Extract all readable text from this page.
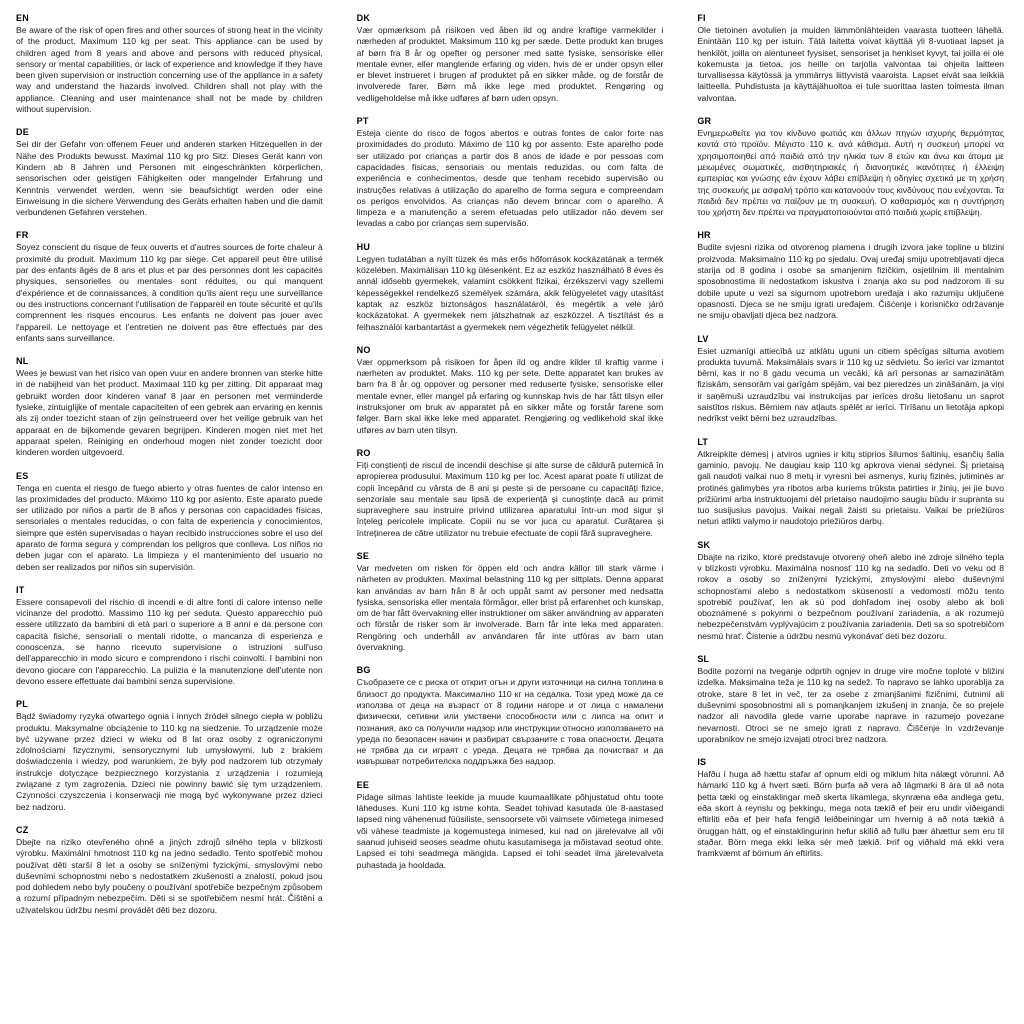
EN

Be aware of the risk of open fires and other sources of strong heat in the vicinity of the product. Maximum 110 kg per seat. This appliance can be used by children aged from 8 years and above and persons with reduced physical, sensory or mental capabilities, or lack of experience and knowledge if they have been given supervision or instruction concerning use of the appliance in a safety way and understand the hazards involved. Children shall not play with the appliance. Cleaning and user maintenance shall not be made by children without supervision.

DE

Sei dir der Gefahr von offenem Feuer und anderen starken Hitzequellen in der Nähe des Produkts bewusst. Maximal 110 kg pro Sitz. Dieses Gerät kann von Kindern ab 8 Jahren und Personen mit eingeschränkten körperlichen, sensorischen oder geistigen Fähigkeiten oder mangelnder Erfahrung und Kenntnis verwendet werden, wenn sie beaufsichtigt werden oder eine Einweisung in die sichere Verwendung des Geräts erhalten haben und die damit verbundenen Gefahren verstehen.

FR

Soyez conscient du risque de feux ouverts et d'autres sources de forte chaleur à proximité du produit. Maximum 110 kg par siège. Cet appareil peut être utilisé par des enfants âgés de 8 ans et plus et par des personnes dont les capacités physiques, sensorielles ou mentales sont réduites, ou qui manquent d'expérience et de connaissances, à condition qu'ils aient reçu une surveillance ou des instructions concernant l'utilisation de l'appareil en toute sécurité et qu'ils comprennent les risques encourus. Les enfants ne doivent pas jouer avec l'appareil. Le nettoyage et l'entretien ne doivent pas être effectués par des enfants sans surveillance.

NL

Wees je bewust van het risico van open vuur en andere bronnen van sterke hitte in de nabijheid van het product. Maximaal 110 kg per zitting. Dit apparaat mag gebruikt worden door kinderen vanaf 8 jaar en personen met verminderde fysieke, zintuiglijke of mentale capaciteiten of een gebrek aan ervaring en kennis als zij onder toezicht staan of zijn geïnstrueerd over het veilige gebruik van het apparaat en de bijkomende gevaren begrijpen. Kinderen mogen niet met het apparaat spelen. Reiniging en onderhoud mogen niet zonder toezicht door kinderen worden uitgevoerd.

ES

Tenga en cuenta el riesgo de fuego abierto y otras fuentes de calor intenso en las proximidades del producto. Máximo 110 kg por asiento. Este aparato puede ser utilizado por niños a partir de 8 años y personas con capacidades físicas, sensoriales o mentales reducidas, o con falta de experiencia y conocimientos, siempre que estén supervisadas o hayan recibido instrucciones sobre el uso del aparato de forma segura y comprendan los peligros que conlleva. Los niños no deben jugar con el aparato. La limpieza y el mantenimiento del usuario no deben ser realizados por niños sin supervisión.

IT

Essere consapevoli del rischio di incendi e di altre fonti di calore intenso nelle vicinanze del prodotto. Massimo 110 kg per seduta. Questo apparecchio può essere utilizzato da bambini di età pari o superiore a 8 anni e da persone con capacità fisiche, sensoriali o mentali ridotte, o mancanza di esperienza e conoscenza, se hanno ricevuto supervisione o istruzioni sull'uso dell'apparecchio in modo sicuro e comprendono i rischi coinvolti. I bambini non devono giocare con l'apparecchio. La pulizia e la manutenzione dell'utente non devono essere effettuate dai bambini senza supervisione.

PL

Bądź świadomy ryzyka otwartego ognia i innych źródeł silnego ciepła w pobliżu produktu. Maksymalne obciążenie to 110 kg na siedzenie. To urządzenie może być używane przez dzieci w wieku od 8 lat oraz osoby z ograniczonymi zdolnościami fizycznymi, sensorycznymi lub umysłowymi, lub z brakiem doświadczenia i wiedzy, pod warunkiem, że były pod nadzorem lub otrzymały instrukcje dotyczące bezpiecznego korzystania z urządzenia i rozumieją związane z tym zagrożenia. Dzieci nie powinny bawić się tym urządzeniem. Czynności czyszczenia i konserwacji nie mogą być wykonywane przez dzieci bez nadzoru.

CZ

Dbejte na riziko otevřeného ohně a jiných zdrojů silného tepla v blízkosti výrobku. Maximální hmotnost 110 kg na jedno sedadlo. Tento spotřebič mohou používat děti starší 8 let a osoby se sníženými fyzickými, smyslovými nebo duševními schopnostmi nebo s nedostatkem zkušeností a znalostí, pokud jsou pod dohledem nebo byly poučeny o používání spotřebiče bezpečným způsobem a rozumí případným nebezpečím. Děti si se spotřebičem nesmí hrát. Čištění a uživatelskou údržbu nesmí provádět děti bez dozoru.

DK

Vær opmærksom på risikoen ved åben ild og andre kraftige varmekilder i nærheden af produktet. Maksimum 110 kg per sæde. Dette produkt kan bruges af børn fra 8 år og opefter og personer med satte fysiske, sensoriske eller mentale evner, eller manglende erfaring og viden, hvis de er under opsyn eller er blevet instrueret i brugen af produktet på en sikker måde, og de forstår de involverede farer. Børn må ikke lege med produktet. Rengøring og vedligeholdelse må ikke udføres af børn uden opsyn.

PT

Esteja ciente do risco de fogos abertos e outras fontes de calor forte nas proximidades do produto. Máximo de 110 kg por assento. Este aparelho pode ser utilizado por crianças a partir dos 8 anos de idade e por pessoas com capacidades físicas, sensoriais ou mentais reduzidas, ou com falta de experiência e conhecimentos, desde que tenham recebido supervisão ou instruções relativas à utilização do aparelho de forma segura e compreendam os perigos envolvidos. As crianças não devem brincar com o aparelho. A limpeza e a manutenção a serem efetuadas pelo utilizador não devem ser levadas a cabo por crianças sem supervisão.

HU

Legyen tudatában a nyílt tüzek és más erős hőforrások kockázatának a termék közelében. Maximálisan 110 kg ülésenként. Ez az eszköz használható 8 éves és annál idősebb gyermekek, valamint csökkent fizikai, érzékszervi vagy szellemi képességekkel rendelkező személyek számára, akik felügyeletet vagy utasítást kaptak az eszköz biztonságos használatáról, és megértik a vele járó kockázatokat. A gyermekek nem játszhatnak az eszközzel. A tisztítást és a felhasználói karbantartást a gyermekek nem végezhetik felügyelet nélkül.

NO

Vær oppmerksom på risikoen for åpen ild og andre kilder til kraftig varme i nærheten av produktet. Maks. 110 kg per sete. Dette apparatet kan brukes av barn fra 8 år og oppover og personer med reduserte fysiske, sensoriske eller mentale evner, eller mangel på erfaring og kunnskap hvis de har fått tilsyn eller instruksjoner om bruk av apparatet på en sikker måte og forstår farene som følger. Barn skal ikke leke med apparatet. Rengjøring og vedlikehold skal ikke utføres av barn uten tilsyn.

RO

Fiți conștienți de riscul de incendii deschise și alte surse de căldură puternică în apropierea produsului. Maximum 110 kg per loc. Acest aparat poate fi utilizat de copii începând cu vârsta de 8 ani și peste și de persoane cu capacități fizice, senzoriale sau mentale sau lipsă de experiență și cunoștințe dacă au primit supraveghere sau instruire privind utilizarea aparatului într-un mod sigur și înțeleg pericolele implicate. Copiii nu se vor juca cu aparatul. Curățarea și întreținerea de către utilizator nu trebuie efectuate de copii fără supraveghere.

SE

Var medveten om risken för öppen eld och andra källor till stark värme i närheten av produkten. Maximal belastning 110 kg per sittplats. Denna apparat kan användas av barn från 8 år och uppåt samt av personer med nedsatta fysiska, sensoriska eller mentala förmågor, eller brist på erfarenhet och kunskap, om de har fått övervakning eller instruktioner om säker användning av apparaten och förstår de risker som är involverade. Barn får inte leka med apparaten. Rengöring och underhåll av användaren får inte utföras av barn utan övervakning.

BG

Съобразете се с риска от открит огън и други източници на силна топлина в близост до продукта. Максимално 110 кг на седалка. Този уред може да се използва от деца на възраст от 8 години нагоре и от лица с намалени физически, сетивни или умствени способности или с липса на опит и познания, ако са получили надзор или инструкции относно използването на уреда по безопасен начин и разбират свързаните с това опасности. Децата не трябва да си играят с уреда. Децата не трябва да почистват и да извършват потребителска поддръжка без надзор.

EE

Pidage silmas lahtiste leekide ja muude kuumaallikate põhjustatud ohtu toote läheduses. Kuni 110 kg istme kohta. Seadet tohivad kasutada üle 8-aastased lapsed ning vähenenud füüsiliste, sensoorsete või vaimsete võimetega inimesed või vähese teadmiste ja kogemustega inimesed, kui nad on järelevalve all või saanud juhiseid seoses seadme ohutu kasutamisega ja mõistavad seotud ohte. Lapsed ei tohi seadmega mängida. Lapsed ei tohi seadet ilma järelevalveta puhastada ja hooldada.

FI

Ole tietoinen avotulien ja muiden lämmönlähteiden vaarasta tuotteen lähellä. Enintään 110 kg per istuin. Tätä laitetta voivat käyttää yli 8-vuotiaat lapset ja henkilöt, joilla on alentuneet fyysiset, sensoriset ja henkiset kyvyt, tai joilla ei ole kokemusta ja tietoa, jos heille on tarjolla valvontaa tai ohjeita laitteen turvallisessa käytössä ja ymmärrys liittyvistä vaaroista. Lapset eivät saa leikkiä laitteella. Puhdistusta ja käyttäjähuoltoa ei tule suorittaa lasten toimesta ilman valvontaa.

GR

Ενημερωθείτε για τον κίνδυνο φωτιάς και άλλων πηγών ισχυρής θερμότητας κοντά στο προϊόν. Μέγιστο 110 κ. ανά κάθισμα. Αυτή η συσκευή μπορεί να χρησιμοποιηθεί από παιδιά από την ηλικία των 8 ετών και άνω και άτομα με μειωμένες σωματικές, αισθητηριακές ή διανοητικές ικανότητες ή έλλειψη εμπειρίας και γνώσης εάν έχουν λάβει επίβλεψη ή οδηγίες σχετικά με τη χρήση της συσκευής με ασφαλή τρόπο και κατανοούν τους κινδύνους που ενέχονται. Τα παιδιά δεν πρέπει να παίζουν με τη συσκευή. Ο καθαρισμός και η συντήρηση του χρήστη δεν πρέπει να πραγματοποιούνται από παιδιά χωρίς επίβλεψη.

HR

Budite svjesni rizika od otvorenog plamena i drugih izvora jake topline u blizini proizvoda. Maksimalno 110 kg po sjedalu. Ovaj uređaj smiju upotrebljavati djeca starija od 8 godina i osobe sa smanjenim fizičkim, osjetilnim ili mentalnim sposobnostima ili nedostatkom iskustva i znanja ako su pod nadzorom ili su dobile upute u vezi sa sigurnom upotrebom uređaja i ako razumiju uključene opasnosti. Djeca se ne smiju igrati uređajem. Čišćenje i korisničko održavanje ne smiju obavljati djeca bez nadzora.

LV

Esiet uzmanīgi attiecībā uz atklātu uguni un citiem spēcīgas siltuma avotiem produkta tuvumā. Maksimālais svars ir 110 kg uz sēdvietu. Šo ierīci var izmantot bērni, kas ir no 8 gadu vecuma un vecāki, kā arī personas ar samazinātām fiziskām, sensorām vai garīgām spējām, vai bez pieredzes un zināšanām, ja viņi ir saņēmuši uzraudzību vai instrukcijas par ierīces drošu lietošanu un saprot saistītos riskus. Bērniem nav atļauts spēlēt ar ierīci. Tīrīšanu un lietotāja apkopi nedrīkst veikt bērni bez uzraudzības.

LT

Atkreipkite dėmesį į atviros ugnies ir kitų stiprios šilumos šaltinių, esančių šalia gaminio, pavojų. Ne daugiau kaip 110 kg apkrova vienai sėdynei. Šį prietaisą gali naudoti vaikai nuo 8 metų ir vyresni bei asmenys, kurių fizinės, jutiminės ar protinės galimybės yra ribotos arba kuriems trūksta patirties ir žinių, jei jie buvo prižiūrimi arba instruktuojami dėl prietaiso naudojimo saugiu būdu ir supranta su tuo susijusius pavojus. Vaikai negali žaisti su prietaisu. Vaikai be priežiūros neturi atlikti valymo ir naudotojo priežiūros darbų.

SK

Dbajte na riziko, ktoré predstavuje otvorený oheň alebo iné zdroje silného tepla v blízkosti výrobku. Maximálna nosnosť 110 kg na sedadlo. Deti vo veku od 8 rokov a osoby so zníženými fyzickými, zmyslovými alebo duševnými schopnosťami alebo s nedostatkom skúseností a vedomostí môžu tento spotrebič používať, len ak sú pod dohľadom inej osoby alebo ak boli oboznámené s pokynmi o bezpečnom používaní zariadenia, a ak rozumejú nebezpečenstvám vyplývajúcim z používania zariadenia. Deti sa so spotrebičom nesmú hrať. Čistenie a údržbu nesmú vykonávať deti bez dozoru.

SL

Bodite pozorni na tveganje odprtih ognjev in druge vire močne toplote v bližini izdelka. Maksimalna teža je 110 kg na sedež. To napravo se lahko uporablja za otroke, stare 8 let in več, ter za osebe z zmanjšanimi fizičnimi, čutnimi ali duševnimi sposobnostmi ali s pomanjkanjem izkušenj in znanja, če so prejele nadzor ali navodila glede varne uporabe naprave in razumejo povezane nevarnosti. Otroci se ne smejo igrati z napravo. Čiščenje in vzdrževanje uporabnikov ne smejo izvajati otroci brez nadzora.

IS

Hafðu í huga að hættu stafar af opnum eldi og miklum hita nálægt vörunni. Að hámarki 110 kg á hvert sæti. Börn þurfa að vera að lágmarki 8 ára til að nota þetta tæki og einstaklingar með skerta líkamlega, skynræna eða andlega getu, eða skort á reynslu og þekkingu, mega nota tækið ef þeir eru undir viðeigandi eftirliti eða ef þeir hafa fengið leiðbeiningar um hvernig á að nota tækið á öruggan hátt, og ef einstaklingurinn hefur skilið að fullu þær áhættur sem eru til staðar. Börn mega ekki leika sér með tækið. Þrif og viðhald má ekki vera framkvæmt af börnum án eftirlits.
